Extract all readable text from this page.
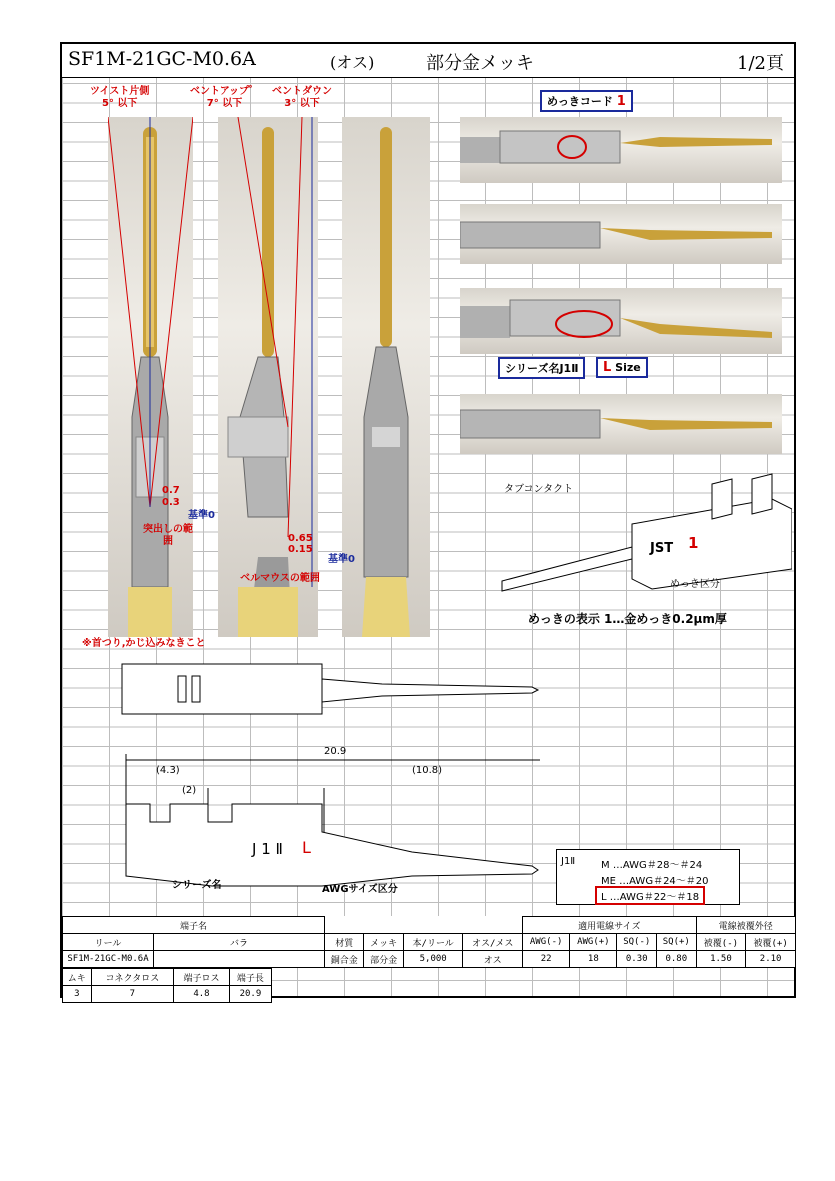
SF1M-21GC-M0.6A	(オス)	部分金メッキ	1/2頁
ツイスト片側
5° 以下
ベントアップ゜
7° 以下
ベントダウン
3° 以下
0.7
0.3
基準0
突出しの範囲	0.65
0.15
基準0
ベルマウスの範囲
※首つり,かじ込みなきこと
めっきコード 1
シリーズ名J1Ⅱ	L Size
タブコンタクト
JST 1
めっき区分
めっきの表示 1…金めっき0.2μm厚
20.9
(4.3)
(2)
(10.8)
J 1 Ⅱ L
シリーズ名	AWGサイズ区分
J1Ⅱ	M …AWG＃28～＃24
ME …AWG＃24～＃20
L …AWG＃22～＃18
端子名						適用電線サイズ				電線被覆外径	
リール	バラ	材質	メッキ	本/リール	オス/メス	AWG(-)	AWG(+)	SQ(-)	SQ(+)	被覆(-)	被覆(+)
SF1M-21GC-M0.6A		銅合金	部分金	5,000	オス	22	18	0.30	0.80	1.50	2.10
ムキ	コネクタロス	端子ロス	端子長
3	7	4.8	20.9
